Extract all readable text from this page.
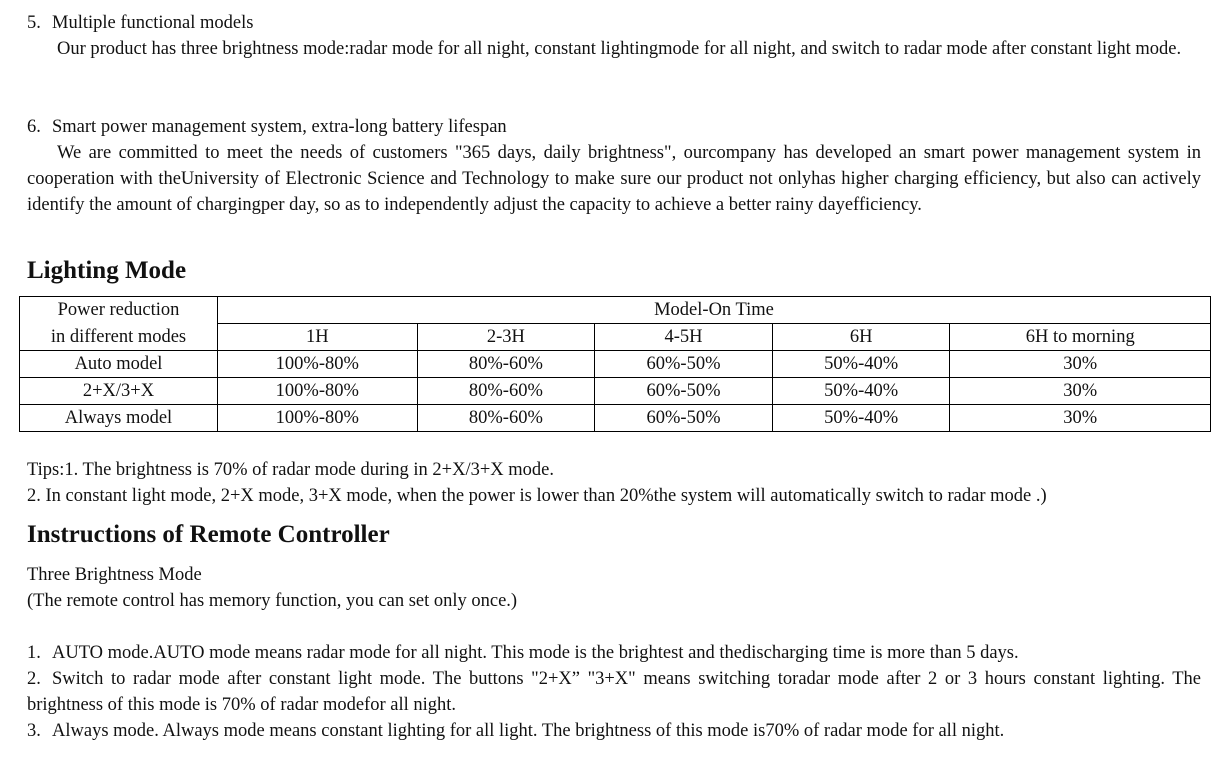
5. Multiple functional models
Our product has three brightness mode:radar mode for all night, constant lightingmode for all night, and switch to radar mode after constant light mode.
6. Smart power management system, extra-long battery lifespan
We are committed to meet the needs of customers "365 days, daily brightness", ourcompany has developed an smart power management system in cooperation with theUniversity of Electronic Science and Technology to make sure our product not onlyhas higher charging efficiency, but also can actively identify the amount of chargingper day, so as to independently adjust the capacity to achieve a better rainy dayefficiency.
Lighting Mode
Power reduction	Model-On Time				
in different modes	1H	2-3H	4-5H	6H	6H to morning
Auto model	100%-80%	80%-60%	60%-50%	50%-40%	30%
2+X/3+X	100%-80%	80%-60%	60%-50%	50%-40%	30%
Always model	100%-80%	80%-60%	60%-50%	50%-40%	30%
Tips:1. The brightness is 70% of radar mode during in 2+X/3+X mode.
2. In constant light mode, 2+X mode, 3+X mode, when the power is lower than 20%the system will automatically switch to radar mode .)
Instructions of Remote Controller
Three Brightness Mode
(The remote control has memory function, you can set only once.)
1. AUTO mode.AUTO mode means radar mode for all night. This mode is the brightest and thedischarging time is more than 5 days.
2. Switch to radar mode after constant light mode. The buttons "2+X” "3+X" means switching toradar mode after 2 or 3 hours constant lighting. The brightness of this mode is 70% of radar modefor all night.
3. Always mode. Always mode means constant lighting for all light. The brightness of this mode is70% of radar mode for all night.
